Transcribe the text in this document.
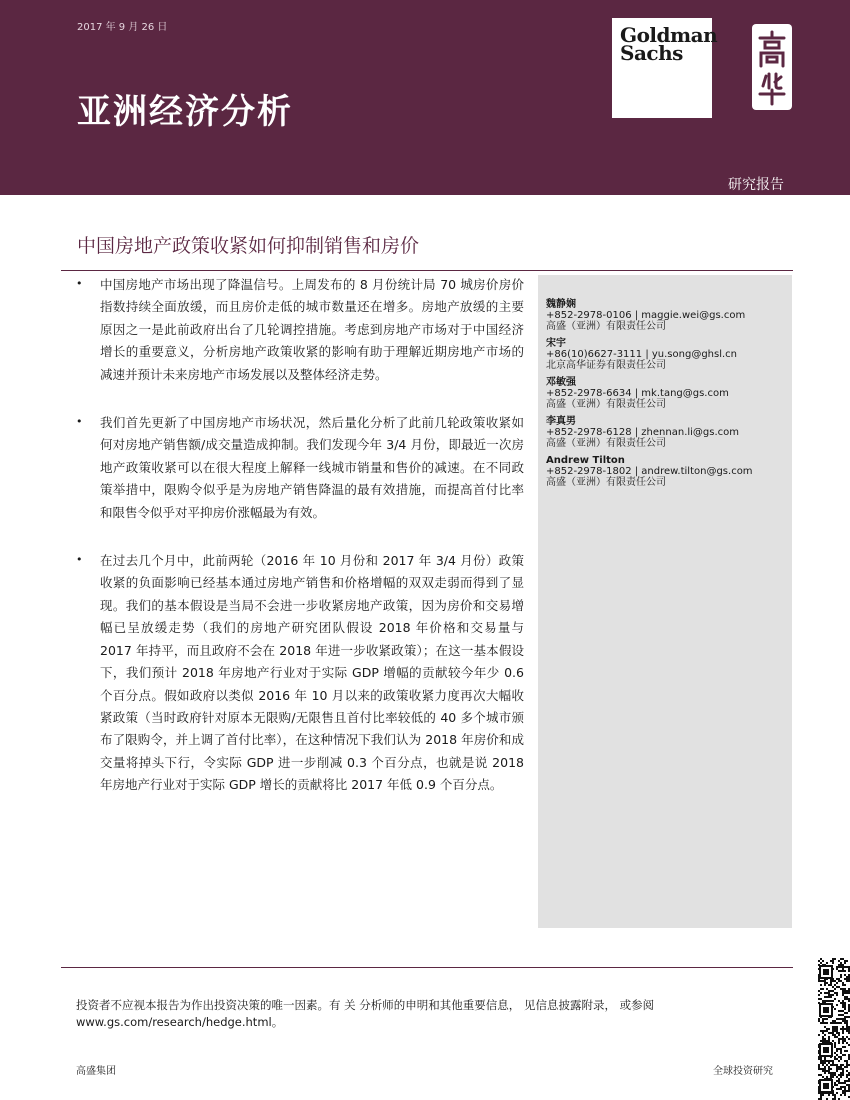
2017 年 9 月 26 日
亚洲经济分析
Goldman
Sachs
研究报告
中国房地产政策收紧如何抑制销售和房价
• 中国房地产市场出现了降温信号。上周发布的 8 月份统计局 70 城房价房价指数持续全面放缓，而且房价走低的城市数量还在增多。房地产放缓的主要原因之一是此前政府出台了几轮调控措施。考虑到房地产市场对于中国经济增长的重要意义，分析房地产政策收紧的影响有助于理解近期房地产市场的减速并预计未来房地产市场发展以及整体经济走势。
• 我们首先更新了中国房地产市场状况，然后量化分析了此前几轮政策收紧如何对房地产销售额/成交量造成抑制。我们发现今年 3/4 月份，即最近一次房地产政策收紧可以在很大程度上解释一线城市销量和售价的减速。在不同政策举措中，限购令似乎是为房地产销售降温的最有效措施，而提高首付比率和限售令似乎对平抑房价涨幅最为有效。
• 在过去几个月中，此前两轮（2016 年 10 月份和 2017 年 3/4 月份）政策收紧的负面影响已经基本通过房地产销售和价格增幅的双双走弱而得到了显现。我们的基本假设是当局不会进一步收紧房地产政策，因为房价和交易增幅已呈放缓走势（我们的房地产研究团队假设 2018 年价格和交易量与 2017 年持平，而且政府不会在 2018 年进一步收紧政策）；在这一基本假设下，我们预计 2018 年房地产行业对于实际 GDP 增幅的贡献较今年少 0.6 个百分点。假如政府以类似 2016 年 10 月以来的政策收紧力度再次大幅收紧政策（当时政府针对原本无限购/无限售且首付比率较低的 40 多个城市颁布了限购令，并上调了首付比率），在这种情况下我们认为 2018 年房价和成交量将掉头下行，令实际 GDP 进一步削减 0.3 个百分点，也就是说 2018 年房地产行业对于实际 GDP 增长的贡献将比 2017 年低 0.9 个百分点。
魏静娴
+852-2978-0106 | maggie.wei@gs.com
高盛（亚洲）有限责任公司
宋宇
+86(10)6627-3111 | yu.song@ghsl.cn
北京高华证券有限责任公司
邓敏强
+852-2978-6634 | mk.tang@gs.com
高盛（亚洲）有限责任公司
李真男
+852-2978-6128 | zhennan.li@gs.com
高盛（亚洲）有限责任公司
Andrew Tilton
+852-2978-1802 | andrew.tilton@gs.com
高盛（亚洲）有限责任公司
投资者不应视本报告为作出投资决策的唯一因素。有 关 分析师的申明和其他重要信息， 见信息披露附录， 或参阅
www.gs.com/research/hedge.html。
高盛集团	全球投资研究
